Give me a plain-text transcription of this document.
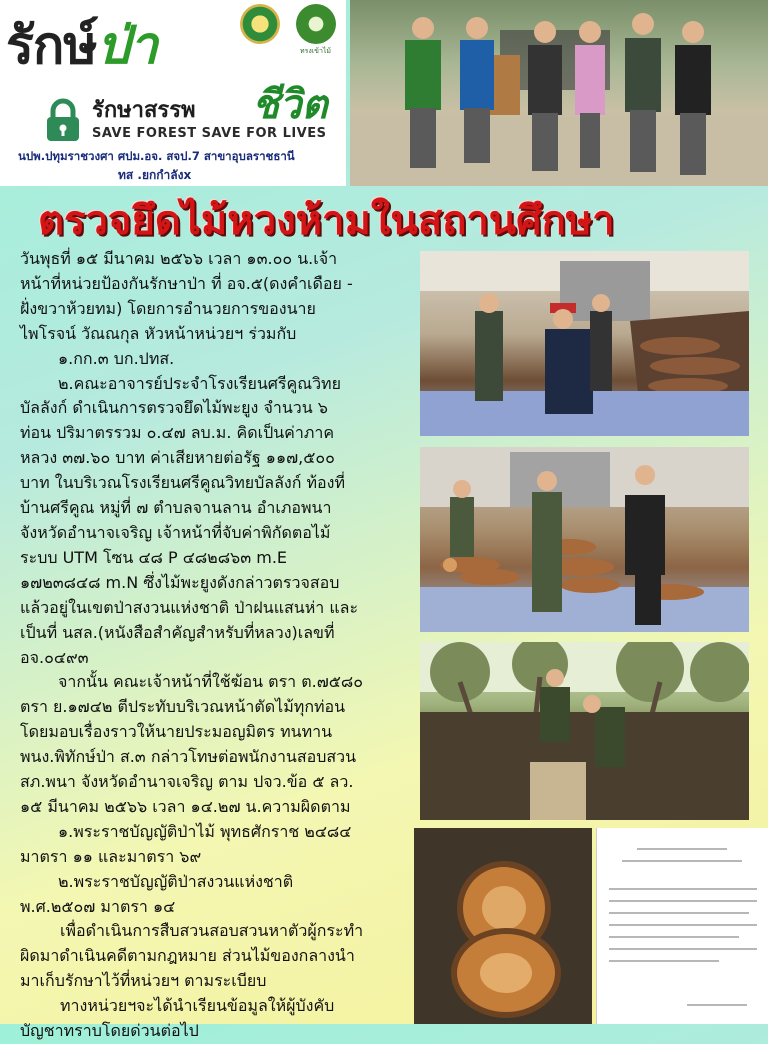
รักษ์ป่า
ชีวิต
รักษาสรรพ
SAVE FOREST SAVE FOR LIVES
นปพ.ปทุมราชวงศา ศปม.อจ. สจป.7 สาขาอุบลราชธานี
ทส .ยกกำลังx
ทรงเข้าไม้
ตรวจยึดไม้หวงห้ามในสถานศึกษา

วันพุธที่ ๑๕ มีนาคม ๒๕๖๖ เวลา ๑๓.๐๐ น.เจ้า

หน้าที่หน่วยป้องกันรักษาป่า ที่ อจ.๕(ดงคำเดือย -

ฝั่งขวาห้วยทม) โดยการอำนวยการของนาย

ไพโรจน์ วัณณกุล หัวหน้าหน่วยฯ ร่วมกับ

๑.กก.๓ บก.ปทส.

๒.คณะอาจารย์ประจำโรงเรียนศรีคูณวิทย

บัลลังก์ ดำเนินการตรวจยึดไม้พะยูง จำนวน ๖

ท่อน ปริมาตรรวม ๐.๔๗ ลบ.ม. คิดเป็นค่าภาค

หลวง ๓๗.๖๐ บาท ค่าเสียหายต่อรัฐ ๑๑๗,๕๐๐

บาท ในบริเวณโรงเรียนศรีคูณวิทยบัลลังก์ ท้องที่

บ้านศรีคูณ หมู่ที่ ๗ ตำบลจานลาน อำเภอพนา

จังหวัดอำนาจเจริญ เจ้าหน้าที่จับค่าพิกัดตอไม้

ระบบ UTM โซน ๔๘ P ๔๘๒๘๖๓ m.E

๑๗๒๓๘๔๘ m.N ซึ่งไม้พะยูงดังกล่าวตรวจสอบ

แล้วอยู่ในเขตป่าสงวนแห่งชาติ ป่าฝนแสนห่า และ

เป็นที่ นสล.(หนังสือสำคัญสำหรับที่หลวง)เลขที่

อจ.๐๔๙๓

จากนั้น คณะเจ้าหน้าที่ใช้ฆ้อน ตรา ต.๗๕๘๐

ตรา ย.๑๗๔๒ ตีประทับบริเวณหน้าตัดไม้ทุกท่อน

โดยมอบเรื่องราวให้นายประมอญมิตร ทนทาน

พนง.พิทักษ์ป่า ส.๓ กล่าวโทษต่อพนักงานสอบสวน

สภ.พนา จังหวัดอำนาจเจริญ ตาม ปจว.ข้อ ๕ ลว.

๑๕ มีนาคม ๒๕๖๖ เวลา ๑๔.๒๗ น.ความผิดตาม

๑.พระราชบัญญัติป่าไม้ พุทธศักราช ๒๔๘๔

มาตรา ๑๑ และมาตรา ๖๙

๒.พระราชบัญญัติป่าสงวนแห่งชาติ

พ.ศ.๒๕๐๗ มาตรา ๑๔

เพื่อดำเนินการสืบสวนสอบสวนหาตัวผู้กระทำ

ผิดมาดำเนินคดีตามกฎหมาย ส่วนไม้ของกลางนำ

มาเก็บรักษาไว้ที่หน่วยฯ ตามระเบียบ

ทางหน่วยฯจะได้นำเรียนข้อมูลให้ผู้บังคับ

บัญชาทราบโดยด่วนต่อไป
